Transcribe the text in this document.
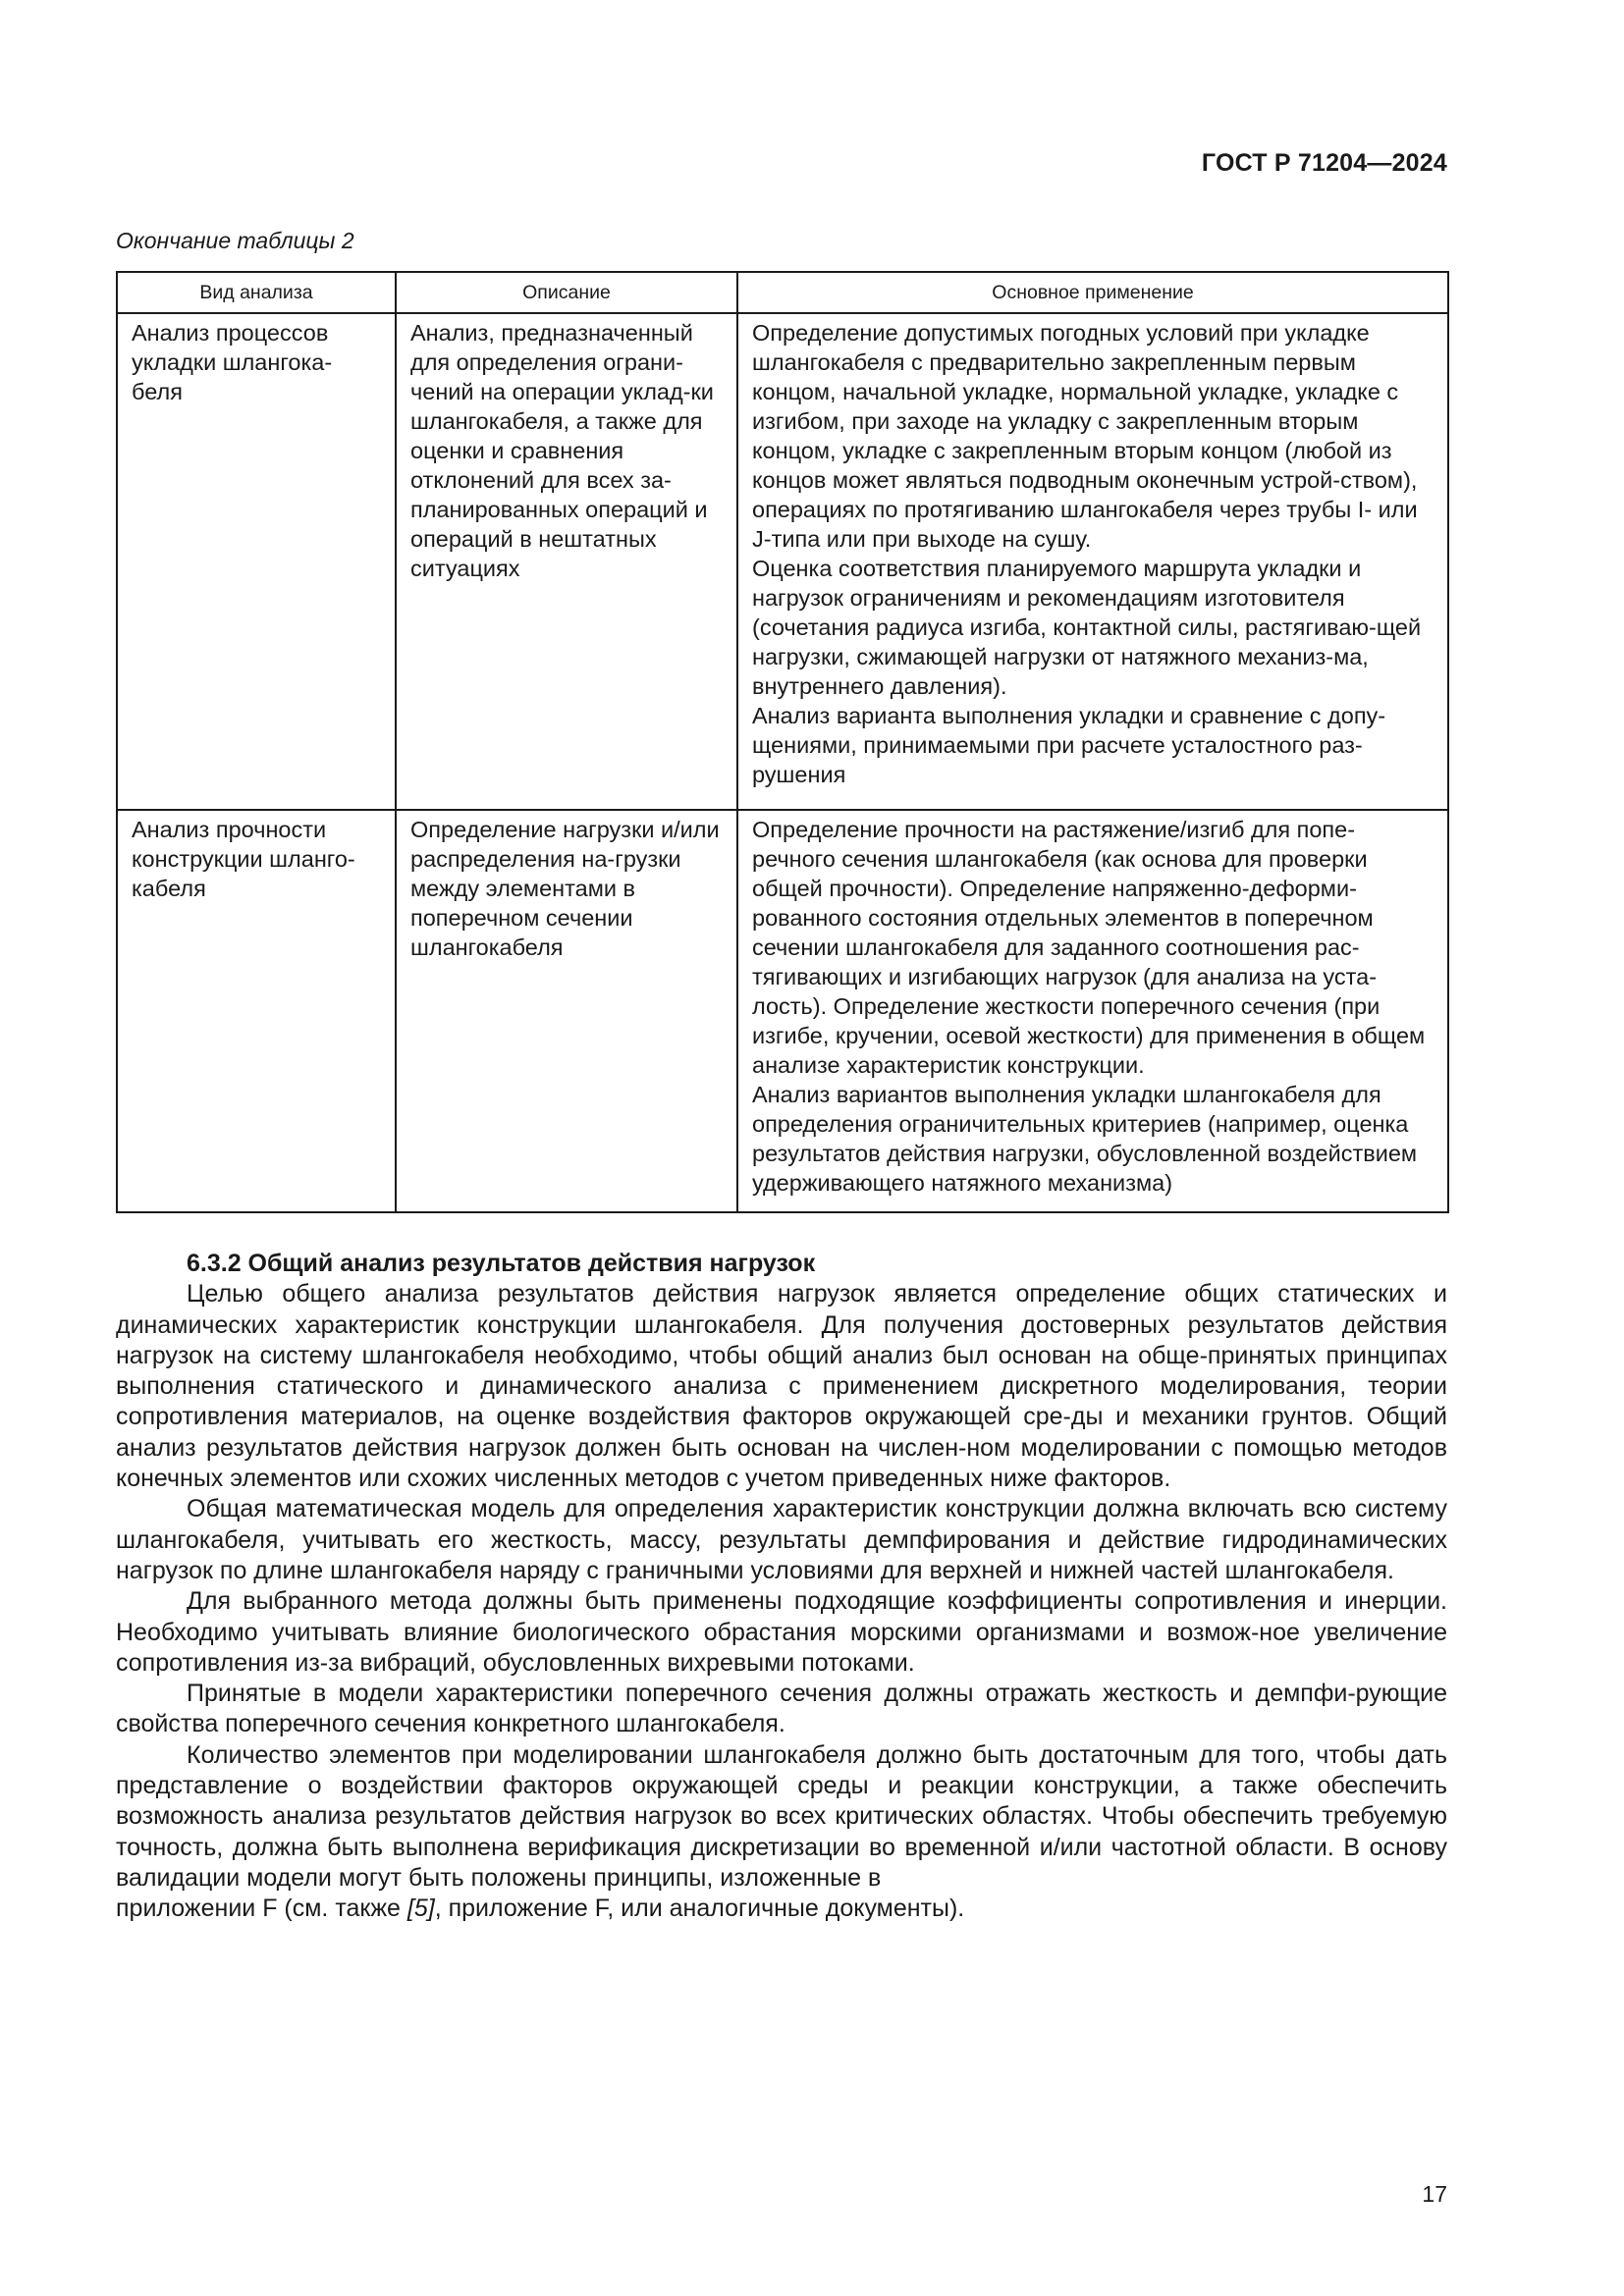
ГОСТ Р 71204—2024
Окончание таблицы 2
Вид анализа	Описание	Основное применение
Анализ процессов укладки шлангока-беля	Анализ, предназначенный для определения ограни-чений на операции уклад-ки шлангокабеля, а также для оценки и сравнения отклонений для всех за-планированных операций и операций в нештатных ситуациях	Определение допустимых погодных условий при укладке шлангокабеля с предварительно закрепленным первым концом, начальной укладке, нормальной укладке, укладке с изгибом, при заходе на укладку с закрепленным вторым концом, укладке с закрепленным вторым концом (любой из концов может являться подводным оконечным устрой-ством), операциях по протягиванию шлангокабеля через трубы I- или J-типа или при выходе на сушу.
Оценка соответствия планируемого маршрута укладки и нагрузок ограничениям и рекомендациям изготовителя (сочетания радиуса изгиба, контактной силы, растягиваю-щей нагрузки, сжимающей нагрузки от натяжного механиз-ма, внутреннего давления).
Анализ варианта выполнения укладки и сравнение с допу-щениями, принимаемыми при расчете усталостного раз-рушения

Анализ прочности конструкции шланго-кабеля	Определение нагрузки и/или распределения на-грузки между элементами в поперечном сечении шлангокабеля	Определение прочности на растяжение/изгиб для попе-речного сечения шлангокабеля (как основа для проверки общей прочности). Определение напряженно-деформи-рованного состояния отдельных элементов в поперечном сечении шлангокабеля для заданного соотношения рас-тягивающих и изгибающих нагрузок (для анализа на уста-лость). Определение жесткости поперечного сечения (при изгибе, кручении, осевой жесткости) для применения в общем анализе характеристик конструкции.
Анализ вариантов выполнения укладки шлангокабеля для определения ограничительных критериев (например, оценка результатов действия нагрузки, обусловленной воздействием удерживающего натяжного механизма)
6.3.2 Общий анализ результатов действия нагрузок

Целью общего анализа результатов действия нагрузок является определение общих статических и динамических характеристик конструкции шлангокабеля. Для получения достоверных результатов действия нагрузок на систему шлангокабеля необходимо, чтобы общий анализ был основан на обще-принятых принципах выполнения статического и динамического анализа с применением дискретного моделирования, теории сопротивления материалов, на оценке воздействия факторов окружающей сре-ды и механики грунтов. Общий анализ результатов действия нагрузок должен быть основан на числен-ном моделировании с помощью методов конечных элементов или схожих численных методов с учетом приведенных ниже факторов.

Общая математическая модель для определения характеристик конструкции должна включать всю систему шлангокабеля, учитывать его жесткость, массу, результаты демпфирования и действие гидродинамических нагрузок по длине шлангокабеля наряду с граничными условиями для верхней и нижней частей шлангокабеля.

Для выбранного метода должны быть применены подходящие коэффициенты сопротивления и инерции. Необходимо учитывать влияние биологического обрастания морскими организмами и возмож-ное увеличение сопротивления из-за вибраций, обусловленных вихревыми потоками.

Принятые в модели характеристики поперечного сечения должны отражать жесткость и демпфи-рующие свойства поперечного сечения конкретного шлангокабеля.

Количество элементов при моделировании шлангокабеля должно быть достаточным для того, чтобы дать представление о воздействии факторов окружающей среды и реакции конструкции, а также обеспечить возможность анализа результатов действия нагрузок во всех критических областях. Чтобы обеспечить требуемую точность, должна быть выполнена верификация дискретизации во временной и/или частотной области. В основу валидации модели могут быть положены принципы, изложенные в

приложении F (см. также [5], приложение F, или аналогичные документы).
17
